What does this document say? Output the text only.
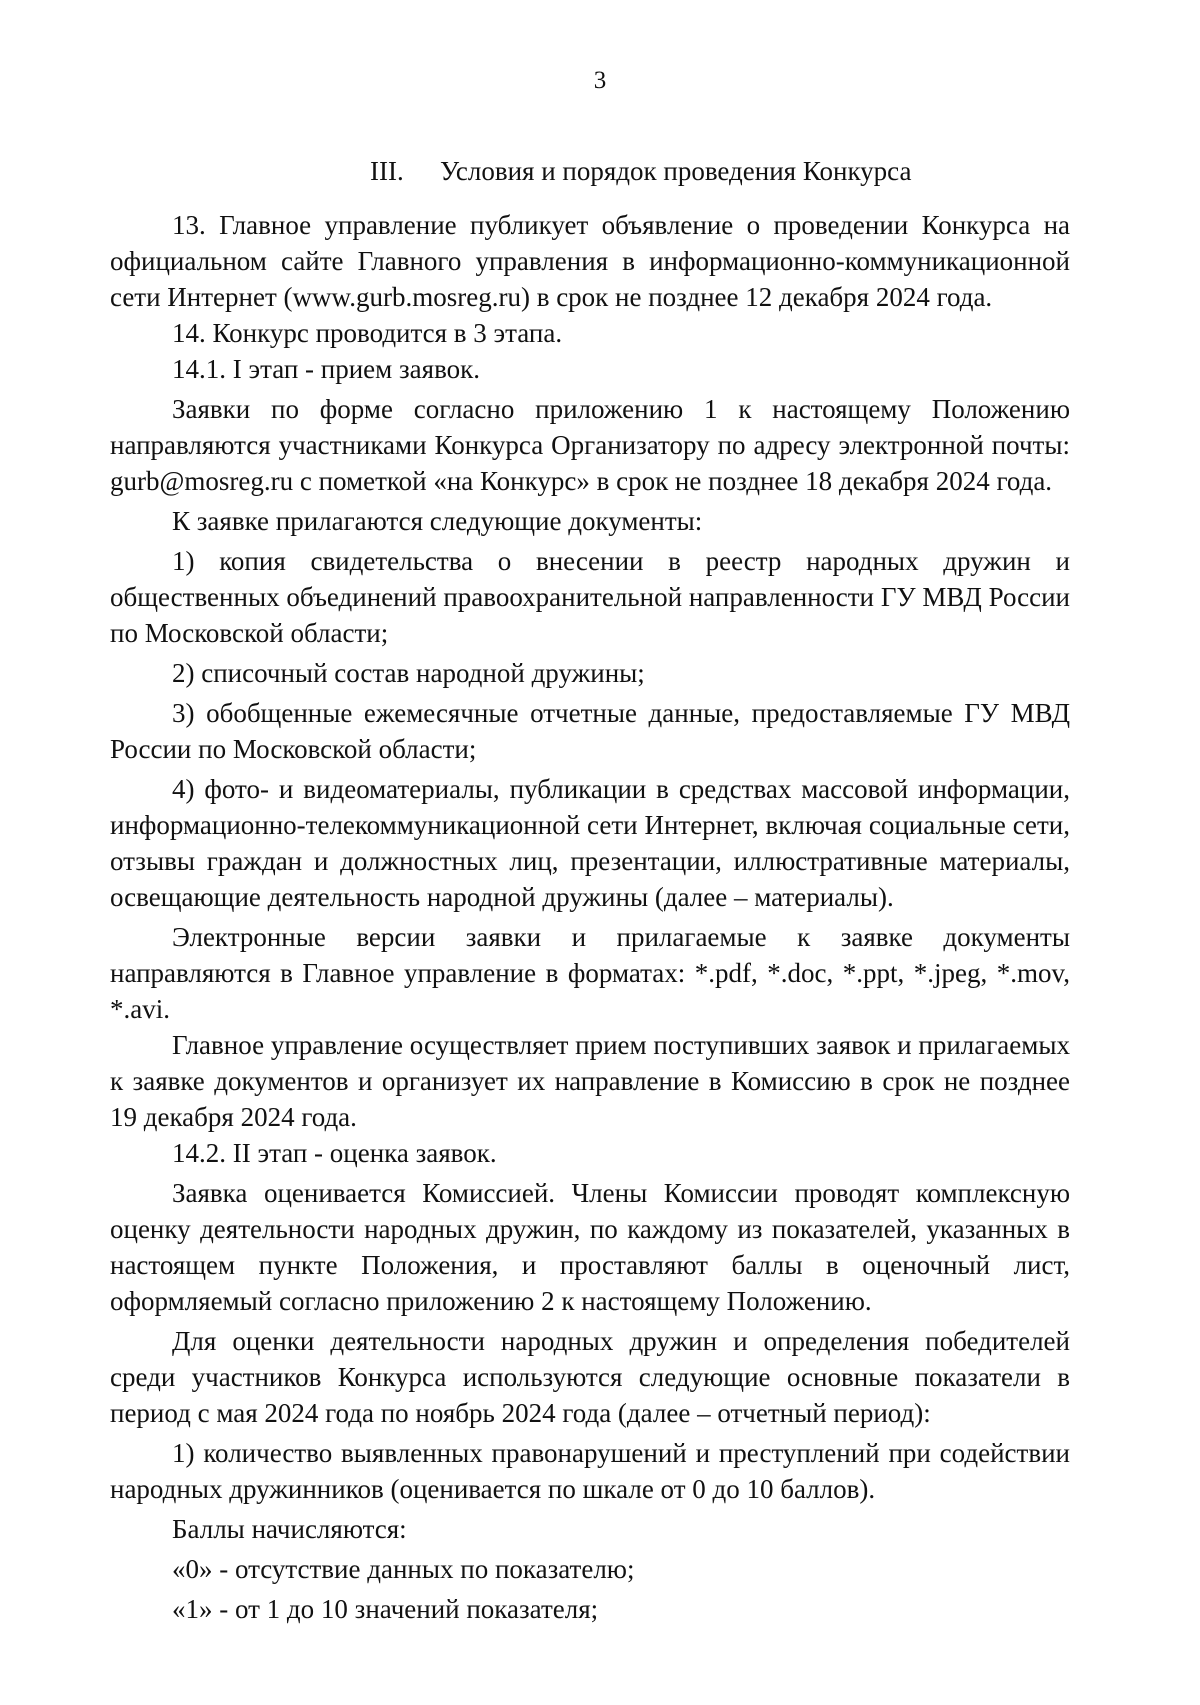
3
III. Условия и порядок проведения Конкурса

13. Главное управление публикует объявление о проведении Конкурса на официальном сайте Главного управления в информационно-коммуникационной сети Интернет (www.gurb.mosreg.ru) в срок не позднее 12 декабря 2024 года.

14. Конкурс проводится в 3 этапа.

14.1. I этап - прием заявок.

Заявки по форме согласно приложению 1 к настоящему Положению направляются участниками Конкурса Организатору по адресу электронной почты: gurb@mosreg.ru с пометкой «на Конкурс» в срок не позднее 18 декабря 2024 года.

К заявке прилагаются следующие документы:

1) копия свидетельства о внесении в реестр народных дружин и общественных объединений правоохранительной направленности ГУ МВД России по Московской области;

2) списочный состав народной дружины;

3) обобщенные ежемесячные отчетные данные, предоставляемые ГУ МВД России по Московской области;

4) фото- и видеоматериалы, публикации в средствах массовой информации, информационно-телекоммуникационной сети Интернет, включая социальные сети, отзывы граждан и должностных лиц, презентации, иллюстративные материалы, освещающие деятельность народной дружины (далее – материалы).

Электронные версии заявки и прилагаемые к заявке документы направляются в Главное управление в форматах: *.pdf, *.doc, *.ppt, *.jpeg, *.mov, *.avi.

Главное управление осуществляет прием поступивших заявок и прилагаемых к заявке документов и организует их направление в Комиссию в срок не позднее 19 декабря 2024 года.

14.2. II этап - оценка заявок.

Заявка оценивается Комиссией. Члены Комиссии проводят комплексную оценку деятельности народных дружин, по каждому из показателей, указанных в настоящем пункте Положения, и проставляют баллы в оценочный лист, оформляемый согласно приложению 2 к настоящему Положению.

Для оценки деятельности народных дружин и определения победителей среди участников Конкурса используются следующие основные показатели в период с мая 2024 года по ноябрь 2024 года (далее – отчетный период):

1) количество выявленных правонарушений и преступлений при содействии народных дружинников (оценивается по шкале от 0 до 10 баллов).

Баллы начисляются:

«0» - отсутствие данных по показателю;

«1» - от 1 до 10 значений показателя;
